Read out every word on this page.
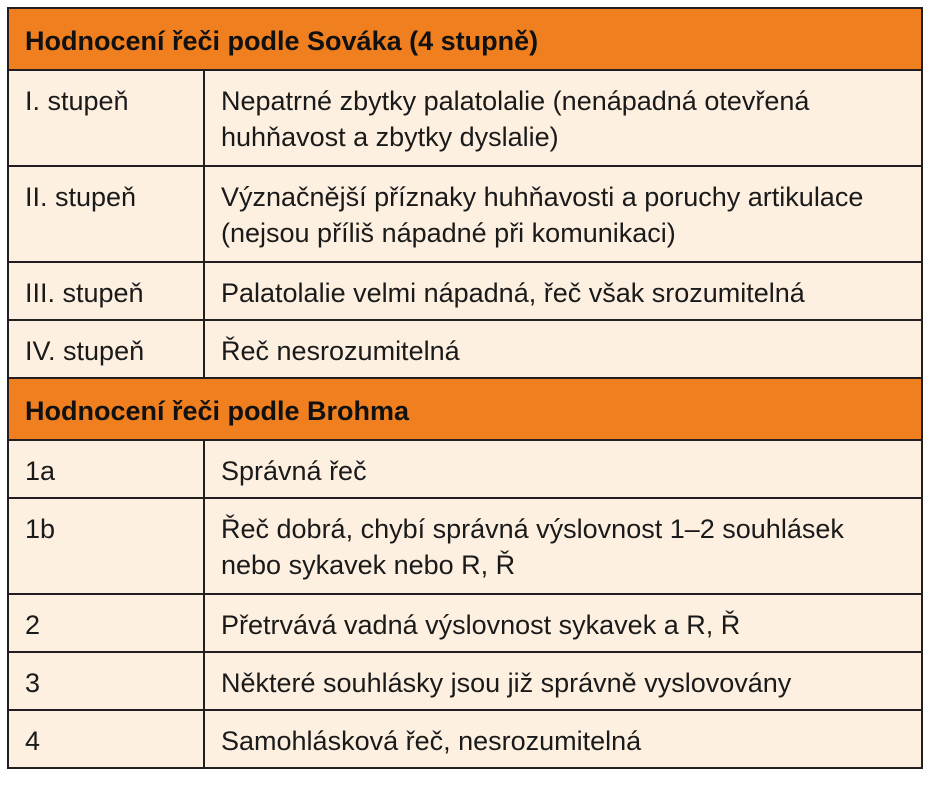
Hodnocení řeči podle Sováka (4 stupně)	
I. stupeň	Nepatrné zbytky palatolalie (nenápadná otevřená huhňavost a zbytky dyslalie)
II. stupeň	Význačnější příznaky huhňavosti a poruchy artikulace (nejsou příliš nápadné při komunikaci)
III. stupeň	Palatolalie velmi nápadná, řeč však srozumitelná
IV. stupeň	Řeč nesrozumitelná
Hodnocení řeči podle Brohma	
1a	Správná řeč
1b	Řeč dobrá, chybí správná výslovnost 1–2 souhlásek nebo sykavek nebo R, Ř
2	Přetrvává vadná výslovnost sykavek a R, Ř
3	Některé souhlásky jsou již správně vyslovovány
4	Samohlásková řeč, nesrozumitelná
